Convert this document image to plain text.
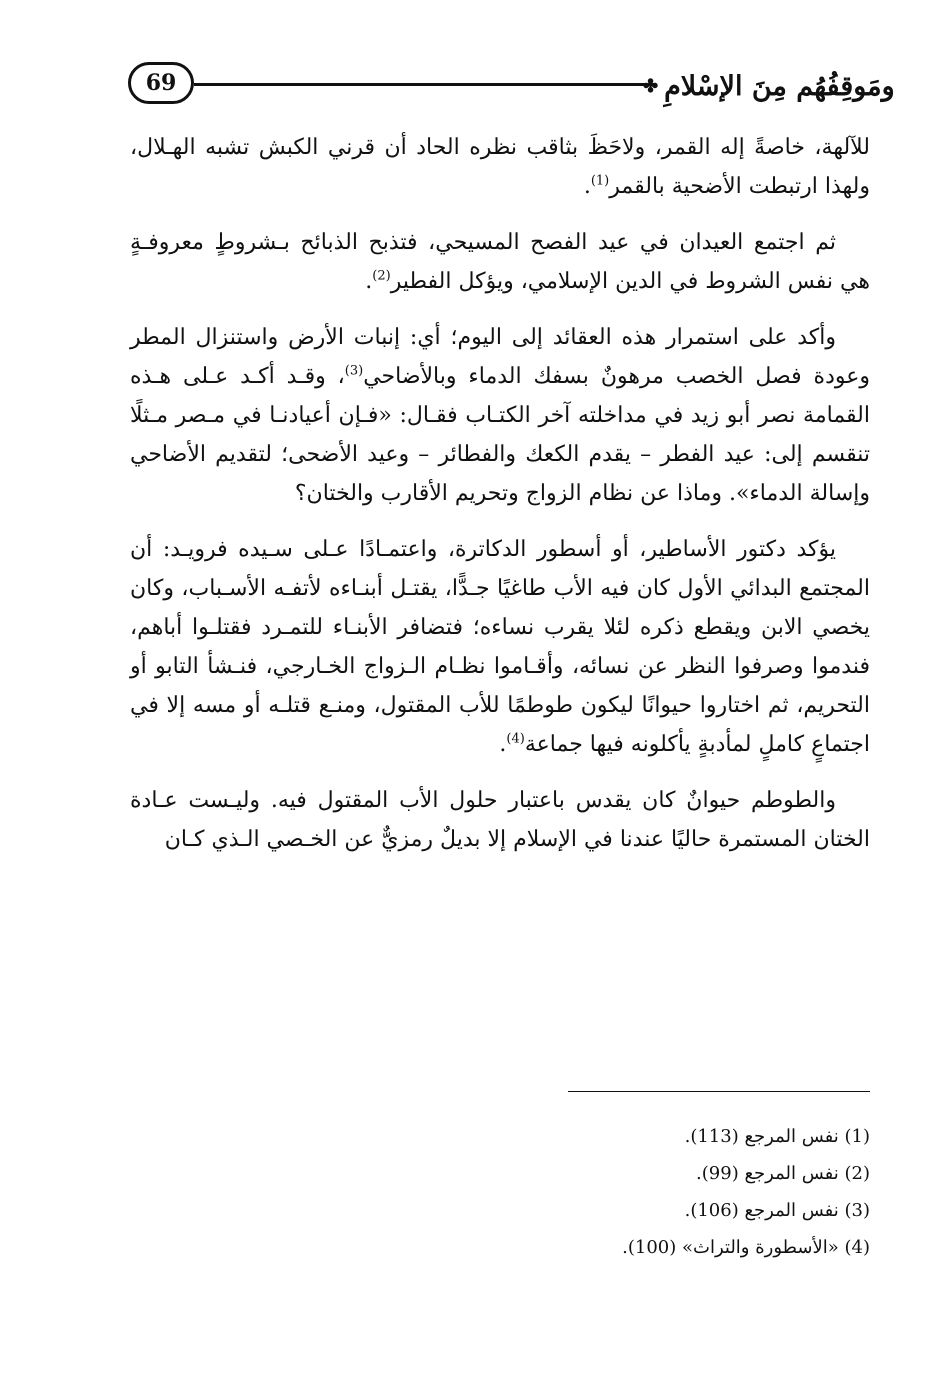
69	ومَوقِفُهُم مِنَ الإسْلامِ
✤

للآلهة، خاصةً إله القمر، ولاحَظَ بثاقب نظره الحاد أن قرني الكبش تشبه الهـلال، ولهذا ارتبطت الأضحية بالقمر$^{(1)}$.

ثم اجتمع العيدان في عيد الفصح المسيحي، فتذبح الذبائح بـشروطٍ معروفـةٍ هي نفس الشروط في الدين الإسلامي، ويؤكل الفطير$^{(2)}$.

وأكد على استمرار هذه العقائد إلى اليوم؛ أي: إنبات الأرض واستنزال المطر وعودة فصل الخصب مرهونٌ بسفك الدماء وبالأضاحي$^{(3)}$، وقـد أكـد عـلى هـذه القمامة نصر أبو زيد في مداخلته آخر الكتـاب فقـال: «فـإن أعيادنـا في مـصر مـثلًا تنقسم إلى: عيد الفطر – يقدم الكعك والفطائر – وعيد الأضحى؛ لتقديم الأضاحي وإسالة الدماء». وماذا عن نظام الزواج وتحريم الأقارب والختان؟

يؤكد دكتور الأساطير، أو أسطور الدكاترة، واعتمـادًا عـلى سـيده فرويـد: أن المجتمع البدائي الأول كان فيه الأب طاغيًا جـدًّا، يقتـل أبنـاءه لأتفـه الأسـباب، وكان يخصي الابن ويقطع ذكره لئلا يقرب نساءه؛ فتضافر الأبنـاء للتمـرد فقتلـوا أباهم، فندموا وصرفوا النظر عن نسائه، وأقـاموا نظـام الـزواج الخـارجي، فنـشأ التابو أو التحريم، ثم اختاروا حيوانًا ليكون طوطمًا للأب المقتول، ومنـع قتلـه أو مسه إلا في اجتماعٍ كاملٍ لمأدبةٍ يأكلونه فيها جماعة$^{(4)}$.

والطوطم حيوانٌ كان يقدس باعتبار حلول الأب المقتول فيه. وليـست عـادة الختان المستمرة حاليًا عندنا في الإسلام إلا بديلٌ رمزيٌّ عن الخـصي الـذي كـان

(1) نفس المرجع (113).

(2) نفس المرجع (99).

(3) نفس المرجع (106).

(4) «الأسطورة والتراث» (100).
